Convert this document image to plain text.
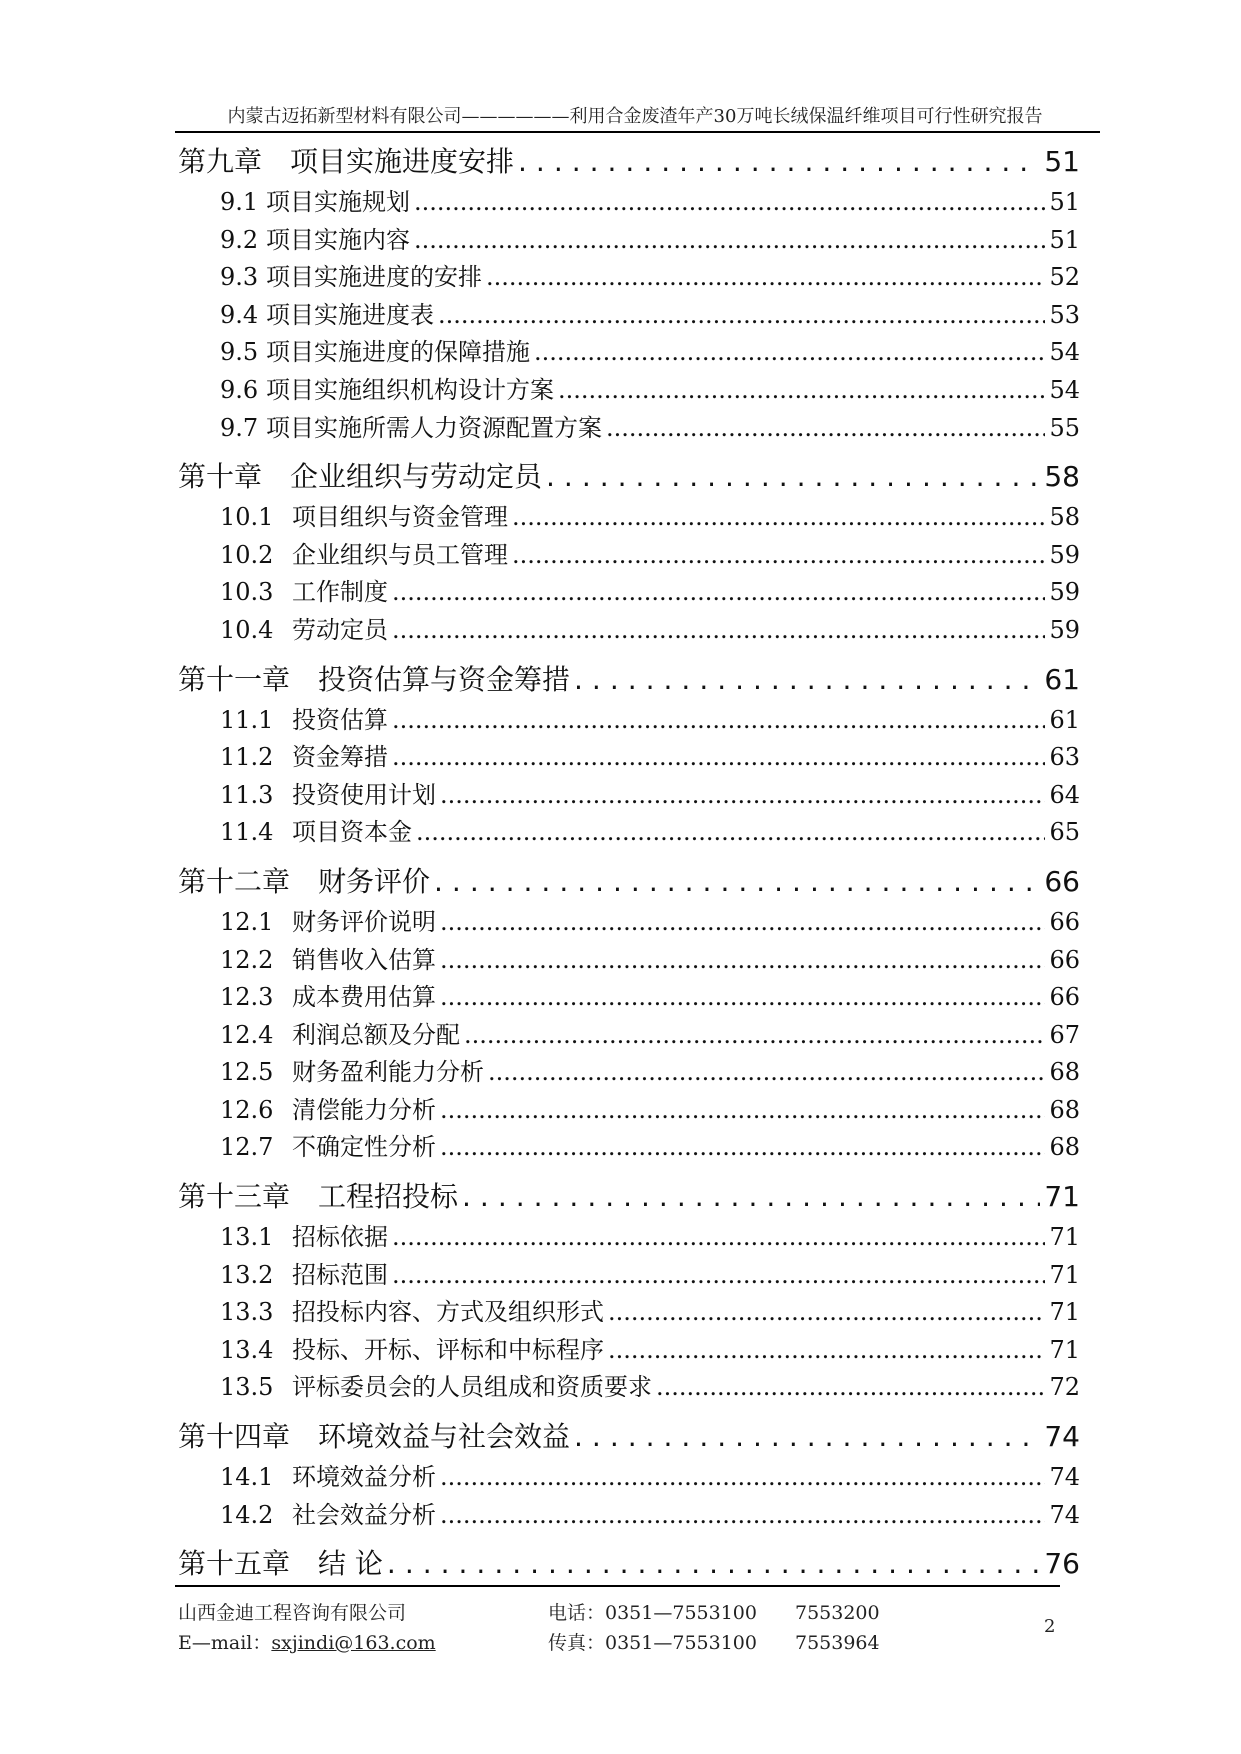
内蒙古迈拓新型材料有限公司——————利用合金废渣年产30万吨长绒保温纤维项目可行性研究报告
第九章 项目实施进度安排 .....	51
9.1 项目实施规划 .....	51
9.2 项目实施内容 .....	51
9.3 项目实施进度的安排 .....	52
9.4 项目实施进度表 .....	53
9.5 项目实施进度的保障措施 .....	54
9.6 项目实施组织机构设计方案 .....	54
9.7 项目实施所需人力资源配置方案 .....	55
第十章 企业组织与劳动定员 .....	58
10.1 项目组织与资金管理 .....	58
10.2 企业组织与员工管理 .....	59
10.3 工作制度 .....	59
10.4 劳动定员 .....	59
第十一章 投资估算与资金筹措 .....	61
11.1 投资估算 .....	61
11.2 资金筹措 .....	63
11.3 投资使用计划 .....	64
11.4 项目资本金 .....	65
第十二章 财务评价 .....	66
12.1 财务评价说明 .....	66
12.2 销售收入估算 .....	66
12.3 成本费用估算 .....	66
12.4 利润总额及分配 .....	67
12.5 财务盈利能力分析 .....	68
12.6 清偿能力分析 .....	68
12.7 不确定性分析 .....	68
第十三章 工程招投标 .....	71
13.1 招标依据 .....	71
13.2 招标范围 .....	71
13.3 招投标内容、方式及组织形式 .....	71
13.4 投标、开标、评标和中标程序 .....	71
13.5 评标委员会的人员组成和资质要求 .....	72
第十四章 环境效益与社会效益 .....	74
14.1 环境效益分析 .....	74
14.2 社会效益分析 .....	74
第十五章 结 论 .....	76
山西金迪工程咨询有限公司
E—mail：sxjindi@163.com
电话：0351—7553100 7553200
传真：0351—7553100 7553964
2
